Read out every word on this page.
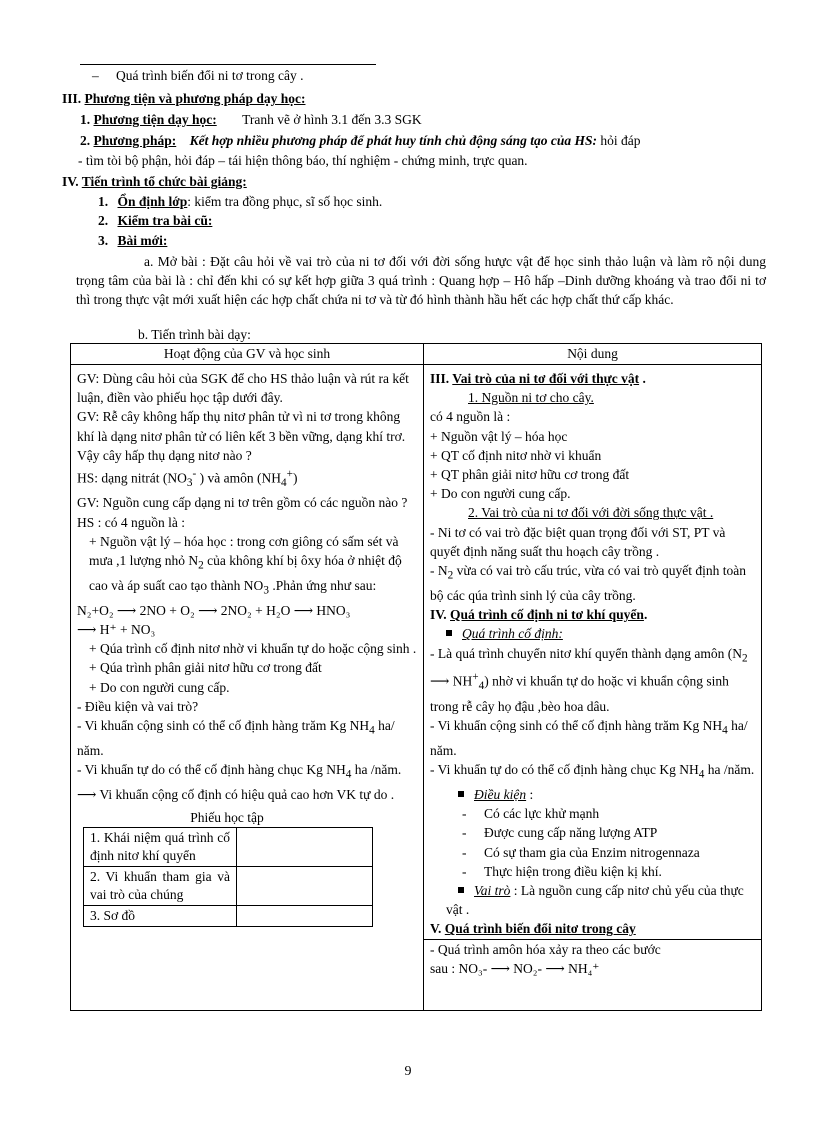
– Quá trình biến đổi ni tơ trong cây .
III. Phương tiện và phương pháp dạy học:
1. Phương tiện dạy học: Tranh vẽ ở hình 3.1 đến 3.3 SGK
2. Phương pháp: Kết hợp nhiều phương pháp để phát huy tính chủ động sáng tạo của HS: hỏi đáp
- tìm tòi bộ phận, hỏi đáp – tái hiện thông báo, thí nghiệm - chứng minh, trực quan.
IV. Tiến trình tổ chức bài giảng:
1. Ổn định lớp: kiểm tra đồng phục, sĩ số học sinh.
2. Kiểm tra bài cũ:
3. Bài mới:
a. Mở bài : Đặt câu hỏi về vai trò của ni tơ đối với đời sống hưực vật để học sinh thảo luận và làm rõ nội dung trọng tâm của bài là : chỉ đến khi có sự kết hợp giữa 3 quá trình : Quang hợp – Hô hấp –Dinh dưỡng khoáng và trao đổi ni tơ thì trong thực vật mới xuất hiện các hợp chất chứa ni tơ và từ đó hình thành hầu hết các hợp chất thứ cấp khác.
b. Tiến trình bài dạy:
Hoạt động của GV và học sinh	Nội dung

GV: Dùng câu hỏi của SGK để cho HS thảo luận và rút ra kết luận, điền vào phiếu học tập dưới đây.
GV: Rễ cây không hấp thụ nitơ phân tử vì ni tơ trong không khí là dạng nitơ phân tử có liên kết 3 bền vững, dạng khí trơ. Vậy cây hấp thụ dạng nitơ nào ?
HS: dạng nitrát ($NO_3^-$ ) và amôn $(NH_4^+)$
GV: Nguồn cung cấp dạng ni tơ trên gồm có các nguồn nào ?
HS : có 4 nguồn là :
+ Nguồn vật lý – hóa học : trong cơn giông có sấm sét và mưa ,1 lượng nhỏ $N_2$ của không khí bị ôxy hóa ở nhiệt độ cao và áp suất cao tạo thành $NO_3$ .Phản ứng như sau:
N₂+O₂ ⟶ 2NO + O₂ ⟶ 2NO₂ + H₂O ⟶ HNO₃
⟶ H⁺ + NO₃
+ Qúa trình cố định nitơ nhờ vi khuẩn tự do hoặc cộng sinh .
+ Qúa trình phân giải nitơ hữu cơ trong đất
+ Do con người cung cấp.
- Điều kiện và vai trò?
- Vi khuẩn cộng sinh có thể cố định hàng trăm Kg $NH_4$ ha/ năm.
- Vi khuẩn tự do có thể cố định hàng chục Kg $NH_4$ ha /năm.
⟶ Vi khuẩn cộng cố định có hiệu quả cao hơn VK tự do .
Phiếu học tập
1. Khái niệm quá trình cố định nitơ khí quyển	
2. Vi khuẩn tham gia và vai trò của chúng	
3. Sơ đồ	

III. Vai trò của ni tơ đối với thực vật .
1. Nguồn ni tơ cho cây.
có 4 nguồn là :
+ Nguồn vật lý – hóa học
+ QT cố định nitơ nhờ vi khuẩn
+ QT phân giải nitơ hữu cơ trong đất
+ Do con người cung cấp.
2. Vai trò của ni tơ đối với đời sống thực vật .
- Ni tơ có vai trò đặc biệt quan trọng đối với ST, PT và quyết định năng suất thu hoạch cây trồng .
- $N_2$ vừa có vai trò cấu trúc, vừa có vai trò quyết định toàn bộ các qúa trình sinh lý của cây trồng.
IV. Quá trình cố định ni tơ khí quyển.
Quá trình cố định:
- Là quá trình chuyển nitơ khí quyển thành dạng amôn ($N_2$ ⟶ $NH^+_4$) nhờ vi khuẩn tự do hoặc vi khuẩn cộng sinh trong rễ cây họ đậu ,bèo hoa dâu.
- Vi khuẩn cộng sinh có thể cố định hàng trăm Kg $NH_4$ ha/ năm.
- Vi khuẩn tự do có thể cố định hàng chục Kg $NH_4$ ha /năm.
Điều kiện :
-	Có các lực khử mạnh
-	Được cung cấp năng lượng ATP
-	Có sự tham gia của Enzim nitrogennaza
-	Thực hiện trong điều kiện kị khí.
Vai trò : Là nguồn cung cấp nitơ chủ yếu của thực vật .
V. Quá trình biến đổi nitơ trong cây
- Quá trình amôn hóa xảy ra theo các bước
sau : NO₃- ⟶ NO₂- ⟶ NH₄⁺
9
